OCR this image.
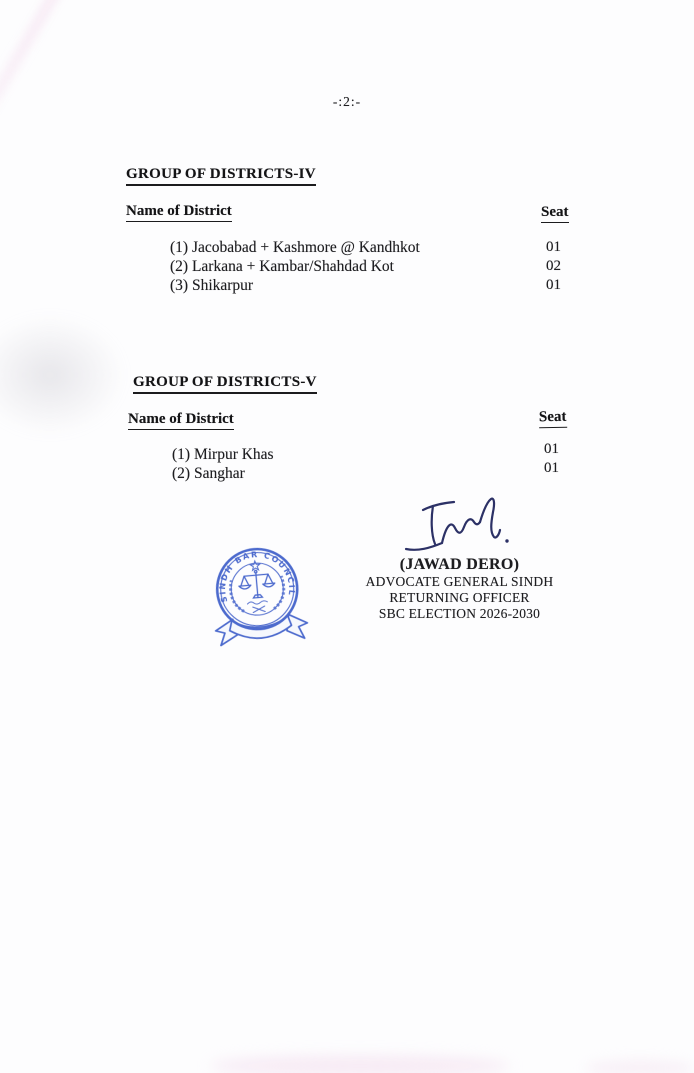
-:2:-
GROUP OF DISTRICTS-IV
Name of District	Seat
(1) Jacobabad + Kashmore @ Kandhkot	01
(2) Larkana + Kambar/Shahdad Kot	02
(3) Shikarpur	01
GROUP OF DISTRICTS-V
Name of District	Seat
(1) Mirpur Khas	01
(2) Sanghar	01
SINDH BAR COUNCIL
(JAWAD DERO)
ADVOCATE GENERAL SINDH
RETURNING OFFICER
SBC ELECTION 2026-2030
